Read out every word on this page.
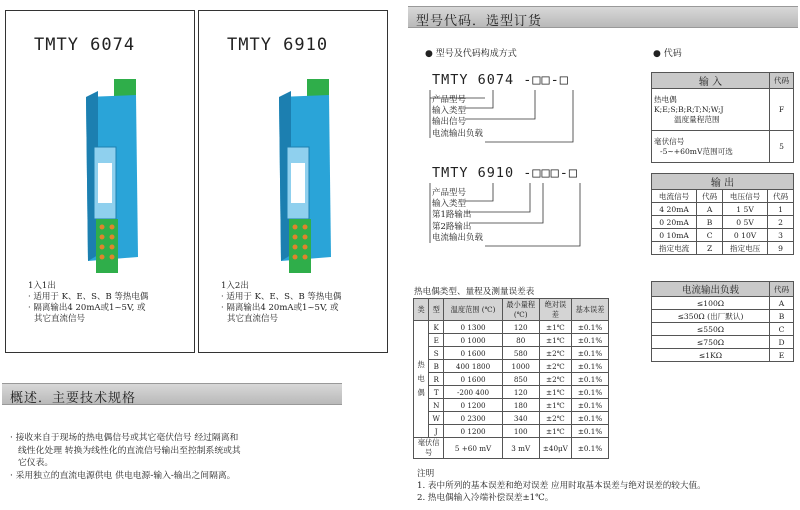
TMTY 6074
1入1出
· 适用于 K、E、S、B 等热电偶
· 隔离输出4 20mA或1~5V, 或
其它直流信号
TMTY 6910
1入2出
· 适用于 K、E、S、B 等热电偶
· 隔离输出4 20mA或1~5V, 或
其它直流信号
概述．主要技术规格
· 接收来自于现场的热电偶信号或其它毫伏信号 经过隔离和
线性化处理 转换为线性化的直流信号输出至控制系统或其
它仪表。
· 采用独立的直流电源供电 供电电源-输入-输出之间隔离。
型号代码．选型订货
● 型号及代码构成方式	● 代码
TMTY 6074 -□□-□
产品型号
输入类型
输出信号
电流输出负载
TMTY 6910 -□□□-□
产品型号
输入类型
第1路输出
第2路输出
电流输出负载
热电偶类型、量程及测量误差表
类	型	温度范围 (℃)	最小量程 (℃)	绝对误差	基本误差

热
电
偶	K	0 1300	120	±1℃	±0.1%
	E	0 1000	80	±1℃	±0.1%
	S	0 1600	580	±2℃	±0.1%
	B	400 1800	1000	±2℃	±0.1%
	R	0 1600	850	±2℃	±0.1%
	T	-200 400	120	±1℃	±0.1%
	N	0 1200	180	±1℃	±0.1%
	W	0 2300	340	±2℃	±0.1%
	J	0 1200	100	±1℃	±0.1%
毫伏信号		5 +60 mV	3 mV	±40μV	±0.1%
输 入	代码

热电偶
K;E;S;B;R;T;N;W;J
温度量程范围	F

毫伏信号
-5~+60mV范围可选	5
输 出			
电流信号	代码	电压信号	代码
4 20mA	A	1 5V	1
0 20mA	B	0 5V	2
0 10mA	C	0 10V	3
指定电流	Z	指定电压	9
电流输出负载	代码
≤100Ω	A
≤350Ω (出厂默认)	B
≤550Ω	C
≤750Ω	D
≤1KΩ	E
注明
1. 表中所列的基本误差和绝对误差 应用时取基本误差与绝对误差的较大值。
2. 热电偶输入冷端补偿误差±1℃。
